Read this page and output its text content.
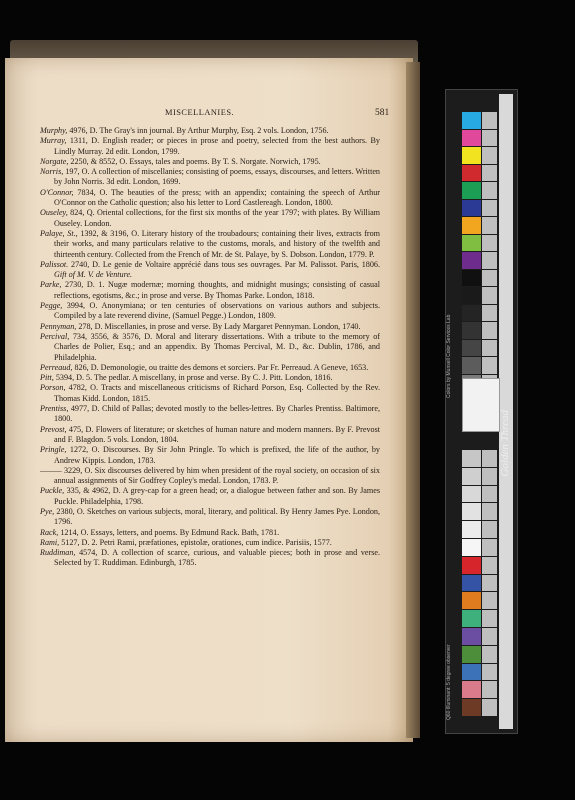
MISCELLANIES.	581

Murphy, 4976, D. The Gray's inn journal. By Arthur Murphy, Esq. 2 vols. London, 1756.

Murray, 1311, D. English reader; or pieces in prose and poetry, selected from the best authors. By Lindly Murray. 2d edit. London, 1799.

Norgate, 2250, & 8552, O. Essays, tales and poems. By T. S. Norgate. Norwich, 1795.

Norris, 197, O. A collection of miscellanies; consisting of poems, essays, discourses, and letters. Written by John Norris. 3d edit. London, 1699.

O'Connor, 7834, O. The beauties of the press; with an appendix; containing the speech of Arthur O'Connor on the Catholic question; also his letter to Lord Castlereagh. London, 1800.

Ouseley, 824, Q. Oriental collections, for the first six months of the year 1797; with plates. By William Ouseley. London.

Palaye, St., 1392, & 3196, O. Literary history of the troubadours; containing their lives, extracts from their works, and many particulars relative to the customs, morals, and history of the twelfth and thirteenth century. Collected from the French of Mr. de St. Palaye, by S. Dobson. London, 1779. P.

Palissot. 2740, D. Le genie de Voltaire apprécié dans tous ses ouvrages. Par M. Palissot. Paris, 1806. Gift of M. V. de Venture.

Parke, 2730, D. 1. Nugæ modernæ; morning thoughts, and midnight musings; consisting of casual reflections, egotisms, &c.; in prose and verse. By Thomas Parke. London, 1818.

Pegge, 3994, O. Anonymiana; or ten centuries of observations on various authors and subjects. Compiled by a late reverend divine, (Samuel Pegge.) London, 1809.

Pennyman, 278, D. Miscellanies, in prose and verse. By Lady Margaret Pennyman. London, 1740.

Percival, 734, 3556, & 3576, D. Moral and literary dissertations. With a tribute to the memory of Charles de Polier, Esq.; and an appendix. By Thomas Percival, M. D., &c. Dublin, 1786, and Philadelphia.

Perreaud, 826, D. Demonologie, ou traitte des demons et sorciers. Par Fr. Perreaud. A Geneve, 1653.

Pitt, 5394, D. 5. The pedlar. A miscellany, in prose and verse. By C. J. Pitt. London, 1816.

Porson, 4782, O. Tracts and miscellaneous criticisms of Richard Porson, Esq. Collected by the Rev. Thomas Kidd. London, 1815.

Prentiss, 4977, D. Child of Pallas; devoted mostly to the belles-lettres. By Charles Prentiss. Baltimore, 1800.

Prevost, 475, D. Flowers of literature; or sketches of human nature and modern manners. By F. Prevost and F. Blagdon. 5 vols. London, 1804.

Pringle, 1272, O. Discourses. By Sir John Pringle. To which is prefixed, the life of the author, by Andrew Kippis. London, 1783.

——— 3229, O. Six discourses delivered by him when president of the royal society, on occasion of six annual assignments of Sir Godfrey Copley's medal. London, 1783. P.

Puckle, 335, & 4962, D. A grey-cap for a green head; or, a dialogue between father and son. By James Puckle. Philadelphia, 1798.

Pye, 2380, O. Sketches on various subjects, moral, literary, and political. By Henry James Pye. London, 1796.

Rack, 1214, O. Essays, letters, and poems. By Edmund Rack. Bath, 1781.

Rami, 5127, D. 2. Petri Rami, præfationes, epistolæ, orationes, cum indice. Parisiis, 1577.

Ruddiman, 4574, D. A collection of scarce, curious, and valuable pieces; both in prose and verse. Selected by T. Ruddiman. Edinburgh, 1785.

Colors by Munsell Color Services Lab
Q60 Illuminant: 5 degree observer
Golden Thread
